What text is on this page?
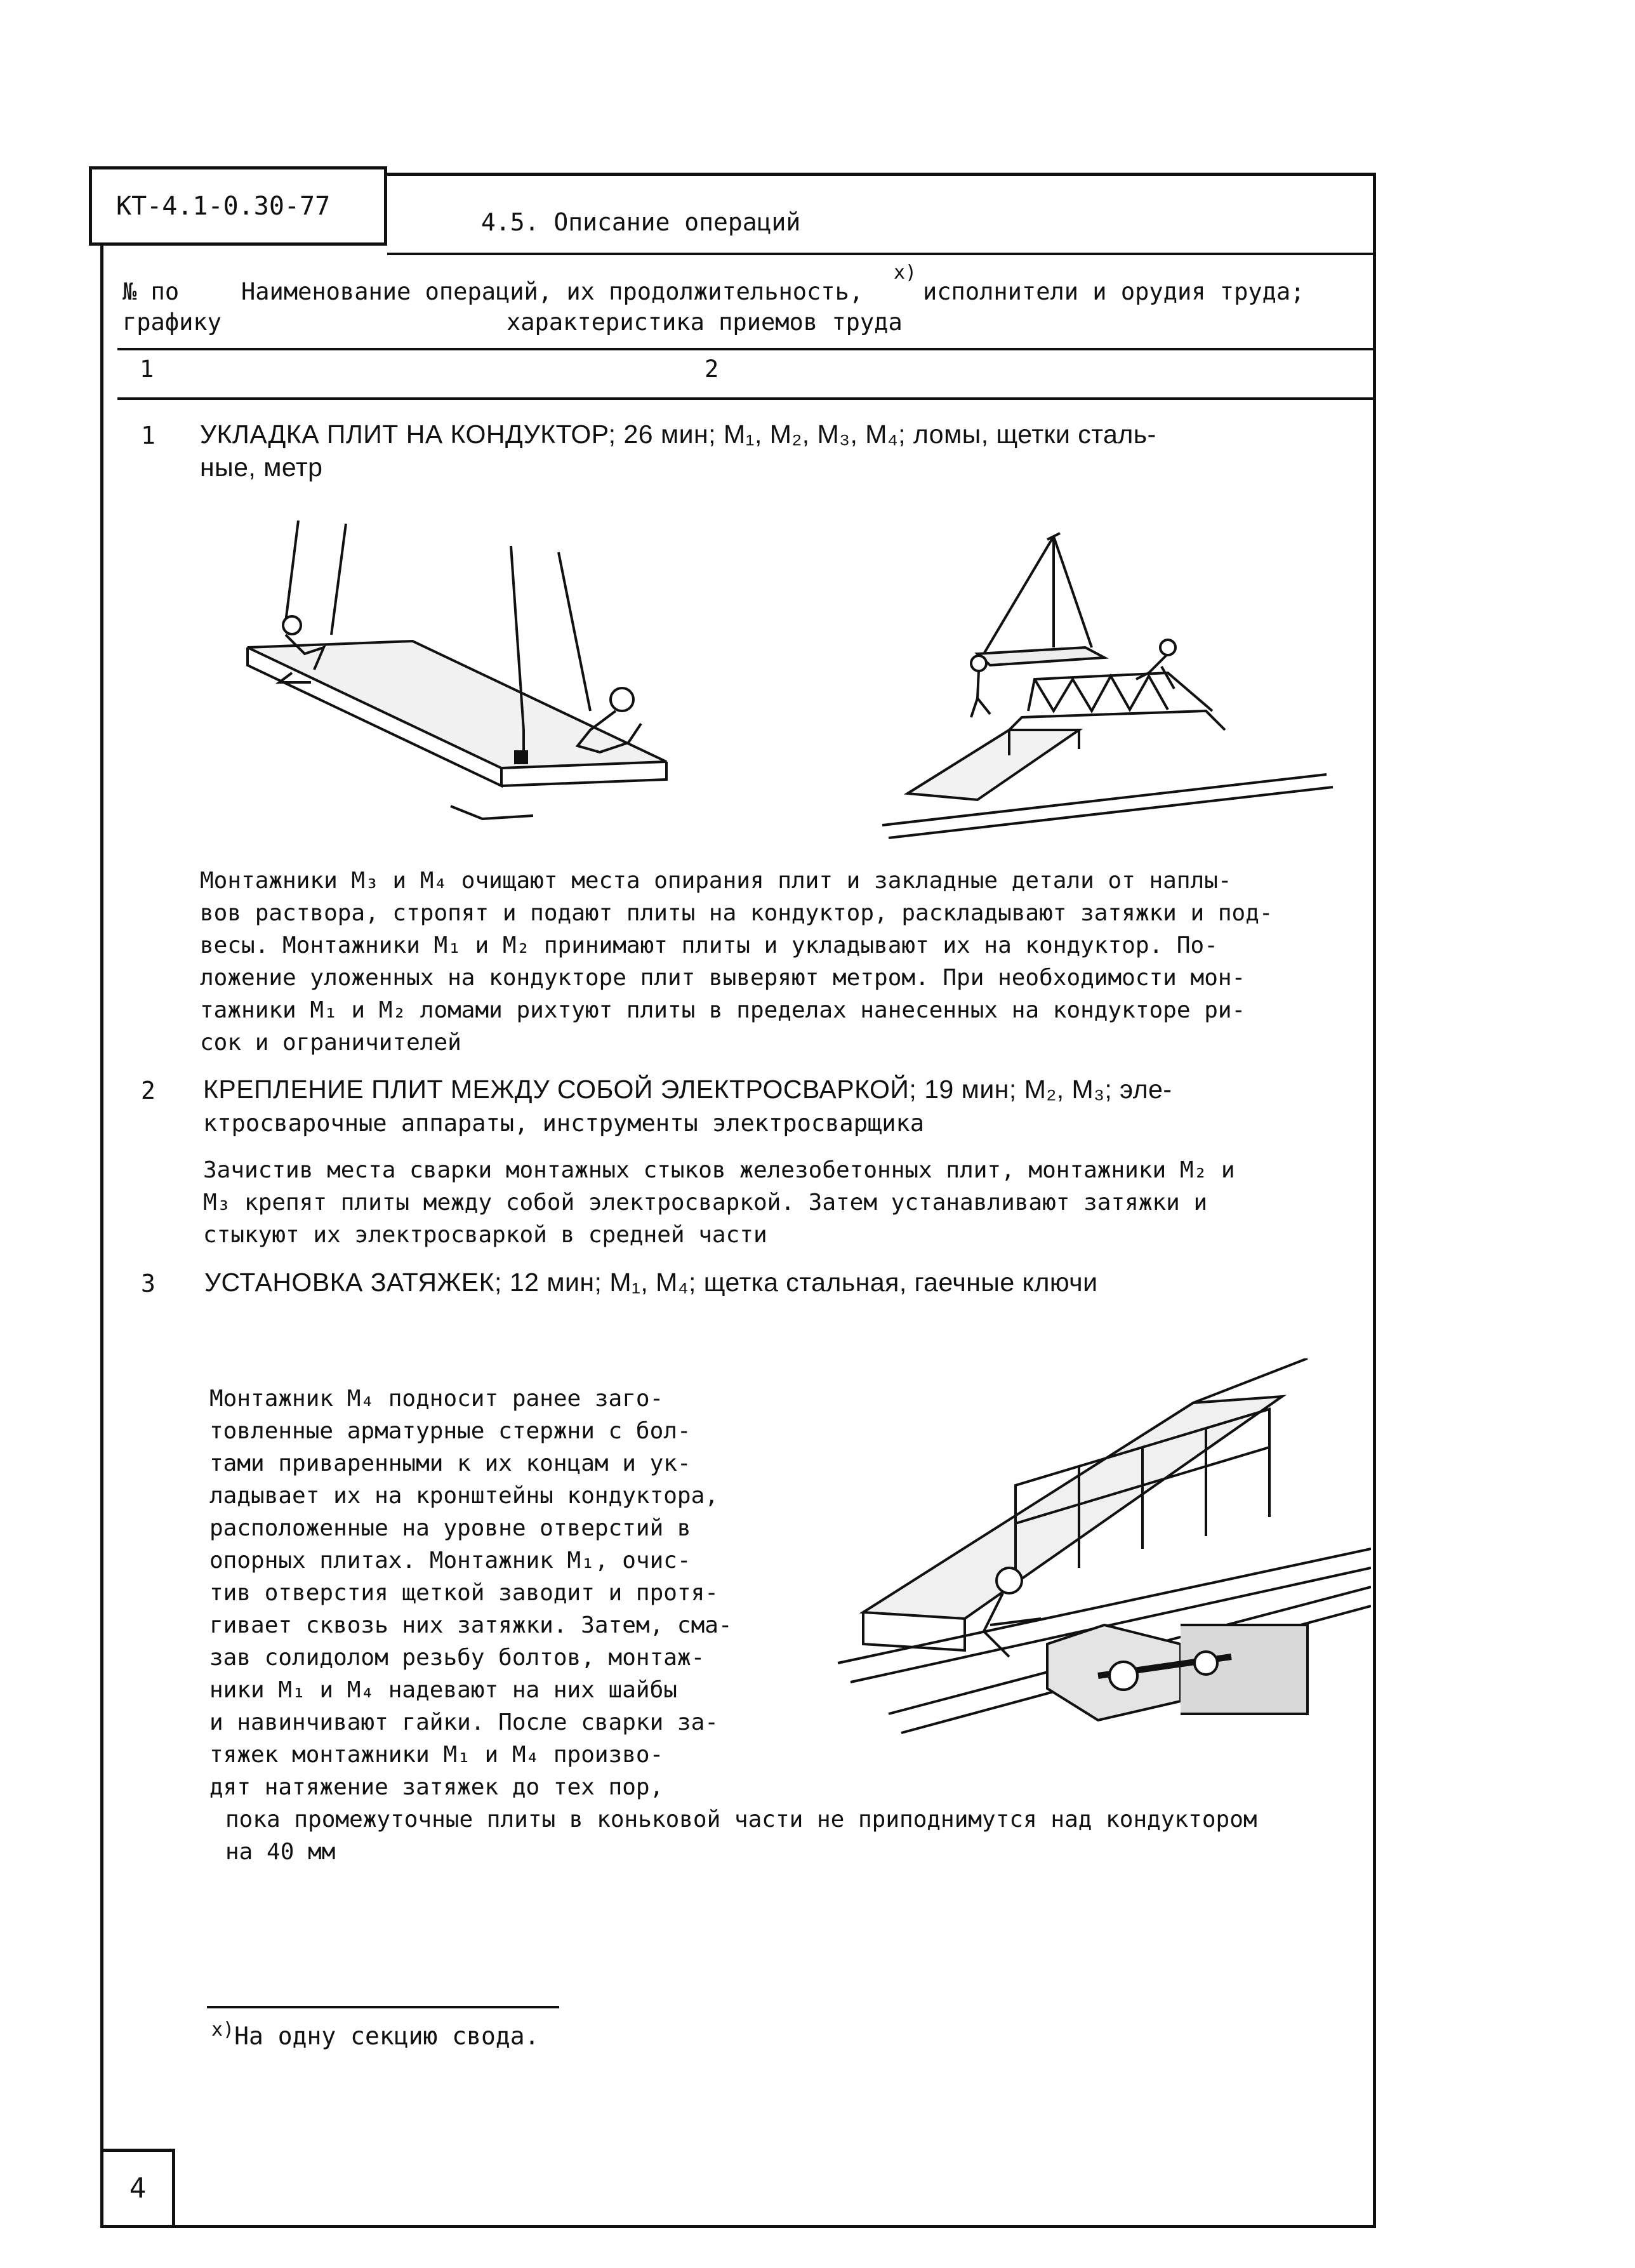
КТ-4.1-0.30-77
4.5. Описание операций
№ по
графику
Наименование операций, их продолжительность,
x)
исполнители и орудия труда;
характеристика приемов труда
1	2
1 УКЛАДКА ПЛИТ НА КОНДУКТОР; 26 мин; М₁, М₂, М₃, М₄; ломы, щетки сталь-
ные, метр
Монтажники М₃ и М₄ очищают места опирания плит и закладные детали от наплы-
вов раствора, стропят и подают плиты на кондуктор, раскладывают затяжки и под-
весы. Монтажники М₁ и М₂ принимают плиты и укладывают их на кондуктор. По-
ложение уложенных на кондукторе плит выверяют метром. При необходимости мон-
тажники М₁ и М₂ ломами рихтуют плиты в пределах нанесенных на кондукторе ри-
сок и ограничителей
2 КРЕПЛЕНИЕ ПЛИТ МЕЖДУ СОБОЙ ЭЛЕКТРОСВАРКОЙ; 19 мин; М₂, М₃; эле-
ктросварочные аппараты, инструменты электросварщика
Зачистив места сварки монтажных стыков железобетонных плит, монтажники М₂ и
М₃ крепят плиты между собой электросваркой. Затем устанавливают затяжки и
стыкуют их электросваркой в средней части
3 УСТАНОВКА ЗАТЯЖЕК; 12 мин; М₁, М₄; щетка стальная, гаечные ключи
Монтажник М₄ подносит ранее заго-
товленные арматурные стержни с бол-
тами приваренными к их концам и ук-
ладывает их на кронштейны кондуктора,
расположенные на уровне отверстий в
опорных плитах. Монтажник М₁, очис-
тив отверстия щеткой заводит и протя-
гивает сквозь них затяжки. Затем, сма-
зав солидолом резьбу болтов, монтаж-
ники М₁ и М₄ надевают на них шайбы
и навинчивают гайки. После сварки за-
тяжек монтажники М₁ и М₄ произво-
дят натяжение затяжек до тех пор,
пока промежуточные плиты в коньковой части не приподнимутся над кондуктором
на 40 мм
$^{x)}$На одну секцию свода.
4
